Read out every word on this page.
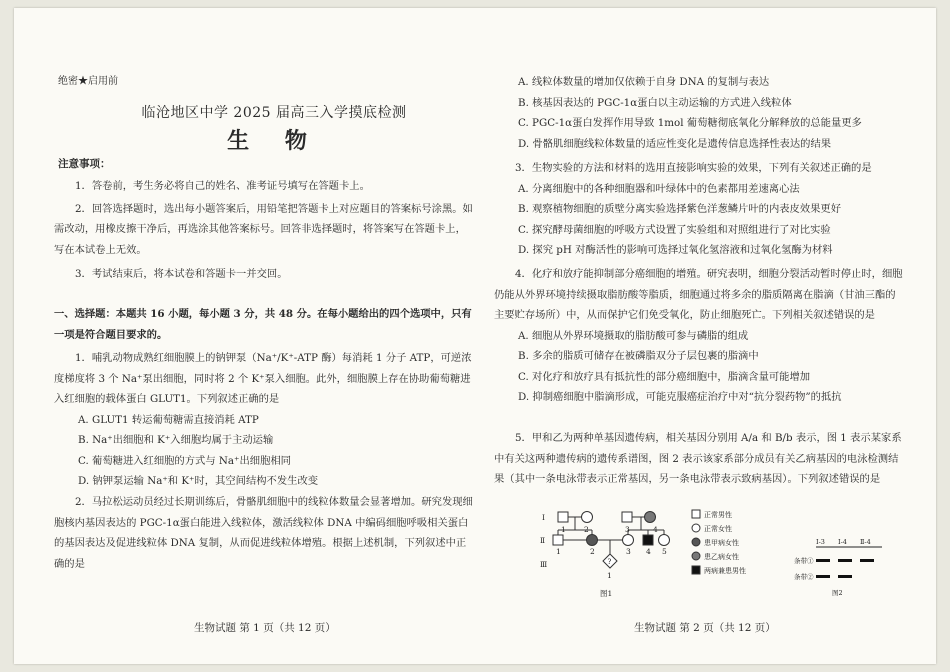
绝密★启用前
临沧地区中学 2025 届高三入学摸底检测
生 物
注意事项：

1．答卷前，考生务必将自己的姓名、准考证号填写在答题卡上。

2．回答选择题时，选出每小题答案后，用铅笔把答题卡上对应题目的答案标号涂黑。如需改动，用橡皮擦干净后，再选涂其他答案标号。回答非选择题时，将答案写在答题卡上，写在本试卷上无效。

3．考试结束后，将本试卷和答题卡一并交回。

一、选择题：本题共 16 小题，每小题 3 分，共 48 分。在每小题给出的四个选项中，只有一项是符合题目要求的。

1．哺乳动物成熟红细胞膜上的钠钾泵（Na⁺/K⁺-ATP 酶）每消耗 1 分子 ATP，可逆浓度梯度将 3 个 Na⁺泵出细胞，同时将 2 个 K⁺泵入细胞。此外，细胞膜上存在协助葡萄糖进入红细胞的载体蛋白 GLUT1。下列叙述正确的是

A. GLUT1 转运葡萄糖需直接消耗 ATP

B. Na⁺出细胞和 K⁺入细胞均属于主动运输

C. 葡萄糖进入红细胞的方式与 Na⁺出细胞相同

D. 钠钾泵运输 Na⁺和 K⁺时，其空间结构不发生改变

2．马拉松运动员经过长期训练后，骨骼肌细胞中的线粒体数量会显著增加。研究发现细胞核内基因表达的 PGC-1α蛋白能进入线粒体，激活线粒体 DNA 中编码细胞呼吸相关蛋白的基因表达及促进线粒体 DNA 复制，从而促进线粒体增殖。根据上述机制，下列叙述中正确的是

生物试题 第 1 页（共 12 页）

A. 线粒体数量的增加仅依赖于自身 DNA 的复制与表达

B. 核基因表达的 PGC-1α蛋白以主动运输的方式进入线粒体

C. PGC-1α蛋白发挥作用导致 1mol 葡萄糖彻底氧化分解释放的总能量更多

D. 骨骼肌细胞线粒体数量的适应性变化是遗传信息选择性表达的结果

3．生物实验的方法和材料的选用直接影响实验的效果，下列有关叙述正确的是

A. 分离细胞中的各种细胞器和叶绿体中的色素都用差速离心法

B. 观察植物细胞的质壁分离实验选择紫色洋葱鳞片叶的内表皮效果更好

C. 探究酵母菌细胞的呼吸方式设置了实验组和对照组进行了对比实验

D. 探究 pH 对酶活性的影响可选择过氧化氢溶液和过氧化氢酶为材料

4．化疗和放疗能抑制部分癌细胞的增殖。研究表明，细胞分裂活动暂时停止时，细胞仍能从外界环境持续摄取脂肪酸等脂质，细胞通过将多余的脂质隔离在脂滴（甘油三酯的主要贮存场所）中，从而保护它们免受氧化，防止细胞死亡。下列相关叙述错误的是

A. 细胞从外界环境摄取的脂肪酸可参与磷脂的组成

B. 多余的脂质可储存在被磷脂双分子层包裹的脂滴中

C. 对化疗和放疗具有抵抗性的部分癌细胞中，脂滴含量可能增加

D. 抑制癌细胞中脂滴形成，可能克服癌症治疗中对“抗分裂药物”的抵抗

5．甲和乙为两种单基因遗传病，相关基因分别用 A/a 和 B/b 表示，图 1 表示某家系中有关这两种遗传病的遗传系谱图，图 2 表示该家系部分成员有关乙病基因的电泳检测结果（其中一条电泳带表示正常基因，另一条电泳带表示致病基因）。下列叙述错误的是

Ⅰ
Ⅱ
Ⅲ
1 2	3	4
1	2	3 4 5
1
?
图1
正常男性
正常女性
患甲病女性
患乙病女性
两病兼患男性
Ⅰ-3 Ⅰ-4 Ⅱ-4
条带①
条带②
图2
生物试题 第 2 页（共 12 页）
